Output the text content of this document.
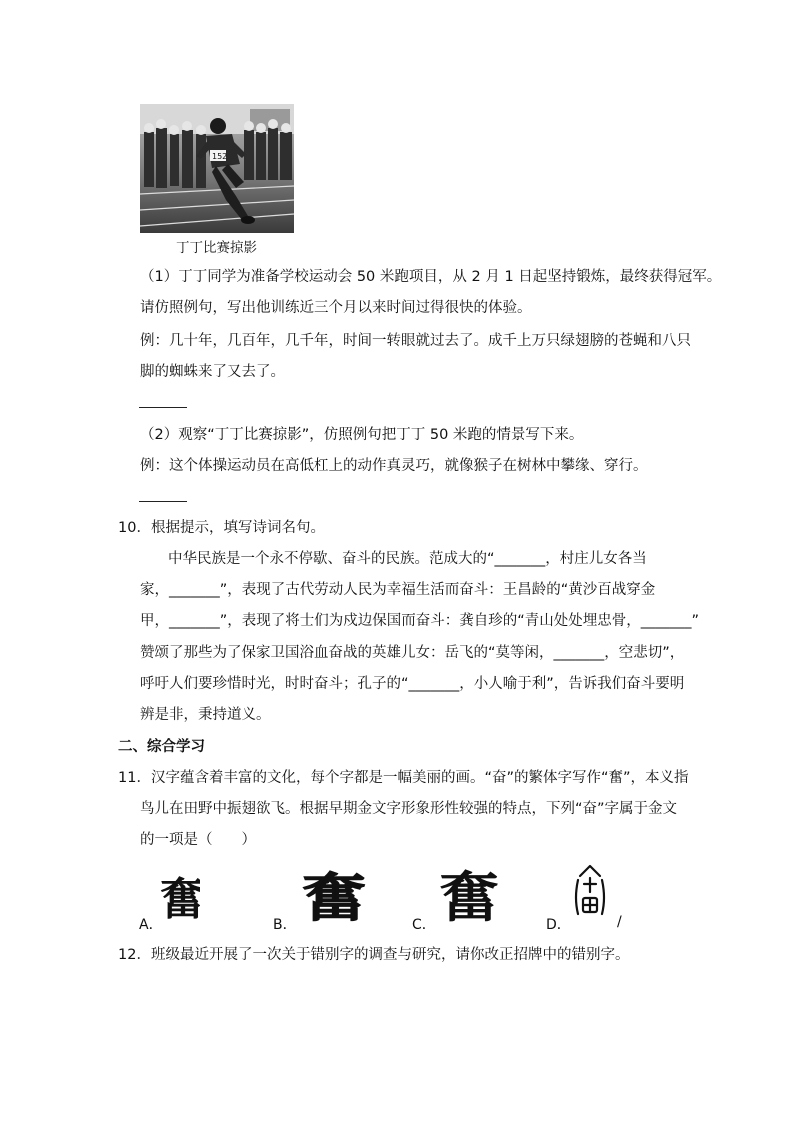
152
丁丁比赛掠影
（1）丁丁同学为准备学校运动会 50 米跑项目，从 2 月 1 日起坚持锻炼，最终获得冠军。
请仿照例句，写出他训练近三个月以来时间过得很快的体验。
例：几十年，几百年，几千年，时间一转眼就过去了。成千上万只绿翅膀的苍蝇和八只
脚的蜘蛛来了又去了。
（2）观察“丁丁比赛掠影”，仿照例句把丁丁 50 米跑的情景写下来。
例：这个体操运动员在高低杠上的动作真灵巧，就像猴子在树林中攀缘、穿行。
10．根据提示，填写诗词名句。
中华民族是一个永不停歇、奋斗的民族。范成大的“_______，村庄儿女各当
家，_______”，表现了古代劳动人民为幸福生活而奋斗：王昌龄的“黄沙百战穿金
甲，_______”，表现了将士们为戍边保国而奋斗：龚自珍的“青山处处埋忠骨，_______”
赞颂了那些为了保家卫国浴血奋战的英雄儿女：岳飞的“莫等闲，_______，空悲切”，
呼吁人们要珍惜时光，时时奋斗；孔子的“_______，小人喻于利”，告诉我们奋斗要明
辨是非，秉持道义。
二、综合学习
11．汉字蕴含着丰富的文化，每个字都是一幅美丽的画。“奋”的繁体字写作“奮”，本义指
鸟儿在田野中振翅欲飞。根据早期金文字形象形性较强的特点，下列“奋”字属于金文
的一项是（　　）
A．
奮	B． 奮	C． 奮	D．	/
12．班级最近开展了一次关于错别字的调查与研究，请你改正招牌中的错别字。
